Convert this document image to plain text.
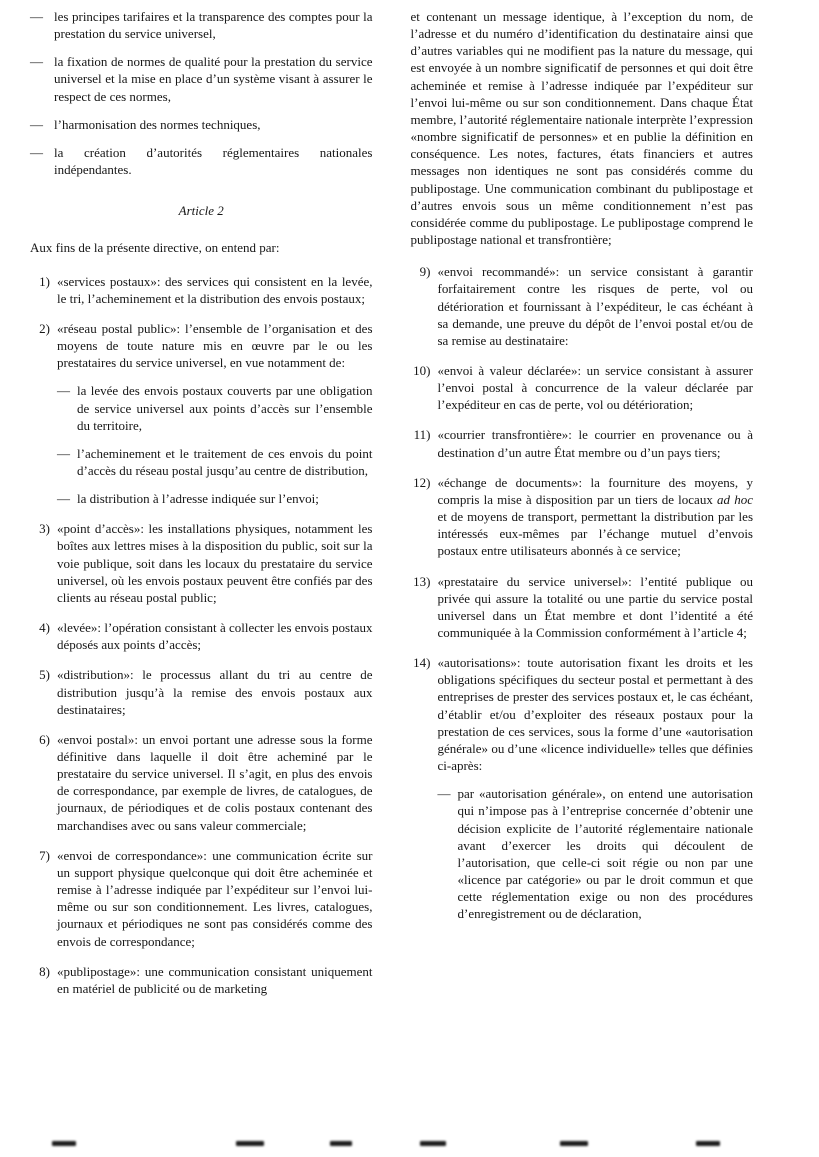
— les principes tarifaires et la transparence des comptes pour la prestation du service universel,
— la fixation de normes de qualité pour la prestation du service universel et la mise en place d’un système visant à assurer le respect de ces normes,
— l’harmonisation des normes techniques,
— la création d’autorités réglementaires nationales indépendantes.
Article 2

Aux fins de la présente directive, on entend par:

1) «services postaux»: des services qui consistent en la levée, le tri, l’acheminement et la distribution des envois postaux;
2) «réseau postal public»: l’ensemble de l’organisation et des moyens de toute nature mis en œuvre par le ou les prestataires du service universel, en vue notamment de:
— la levée des envois postaux couverts par une obligation de service universel aux points d’accès sur l’ensemble du territoire,
— l’acheminement et le traitement de ces envois du point d’accès du réseau postal jusqu’au centre de distribution,
— la distribution à l’adresse indiquée sur l’envoi;
3) «point d’accès»: les installations physiques, notamment les boîtes aux lettres mises à la disposition du public, soit sur la voie publique, soit dans les locaux du prestataire du service universel, où les envois postaux peuvent être confiés par des clients au réseau postal public;
4) «levée»: l’opération consistant à collecter les envois postaux déposés aux points d’accès;
5) «distribution»: le processus allant du tri au centre de distribution jusqu’à la remise des envois postaux aux destinataires;
6) «envoi postal»: un envoi portant une adresse sous la forme définitive dans laquelle il doit être acheminé par le prestataire du service universel. Il s’agit, en plus des envois de correspondance, par exemple de livres, de catalogues, de journaux, de périodiques et de colis postaux contenant des marchandises avec ou sans valeur commerciale;
7) «envoi de correspondance»: une communication écrite sur un support physique quelconque qui doit être acheminée et remise à l’adresse indiquée par l’expéditeur sur l’envoi lui-même ou sur son conditionnement. Les livres, catalogues, journaux et périodiques ne sont pas considérés comme des envois de correspondance;
8) «publipostage»: une communication consistant uniquement en matériel de publicité ou de marketing

et contenant un message identique, à l’exception du nom, de l’adresse et du numéro d’identification du destinataire ainsi que d’autres variables qui ne modifient pas la nature du message, qui est envoyée à un nombre significatif de personnes et qui doit être acheminée et remise à l’adresse indiquée par l’expéditeur sur l’envoi lui-même ou sur son conditionnement. Dans chaque État membre, l’autorité réglementaire nationale interprète l’expression «nombre significatif de personnes» et en publie la définition en conséquence. Les notes, factures, états financiers et autres messages non identiques ne sont pas considérés comme du publipostage. Une communication combinant du publipostage et d’autres envois sous un même conditionnement n’est pas considérée comme du publipostage. Le publipostage comprend le publipostage national et transfrontière;

9) «envoi recommandé»: un service consistant à garantir forfaitairement contre les risques de perte, vol ou détérioration et fournissant à l’expéditeur, le cas échéant à sa demande, une preuve du dépôt de l’envoi postal et/ou de sa remise au destinataire:
10) «envoi à valeur déclarée»: un service consistant à assurer l’envoi postal à concurrence de la valeur déclarée par l’expéditeur en cas de perte, vol ou détérioration;
11) «courrier transfrontière»: le courrier en provenance ou à destination d’un autre État membre ou d’un pays tiers;
12) «échange de documents»: la fourniture des moyens, y compris la mise à disposition par un tiers de locaux ad hoc et de moyens de transport, permettant la distribution par les intéressés eux-mêmes par l’échange mutuel d’envois postaux entre utilisateurs abonnés à ce service;
13) «prestataire du service universel»: l’entité publique ou privée qui assure la totalité ou une partie du service postal universel dans un État membre et dont l’identité a été communiquée à la Commission conformément à l’article 4;
14) «autorisations»: toute autorisation fixant les droits et les obligations spécifiques du secteur postal et permettant à des entreprises de prester des services postaux et, le cas échéant, d’établir et/ou d’exploiter des réseaux postaux pour la prestation de ces services, sous la forme d’une «autorisation générale» ou d’une «licence individuelle» telles que définies ci-après:
— par «autorisation générale», on entend une autorisation qui n’impose pas à l’entreprise concernée d’obtenir une décision explicite de l’autorité réglementaire nationale avant d’exercer les droits qui découlent de l’autorisation, que celle-ci soit régie ou non par une «licence par catégorie» ou par le droit commun et que cette réglementation exige ou non des procédures d’enregistrement ou de déclaration,
